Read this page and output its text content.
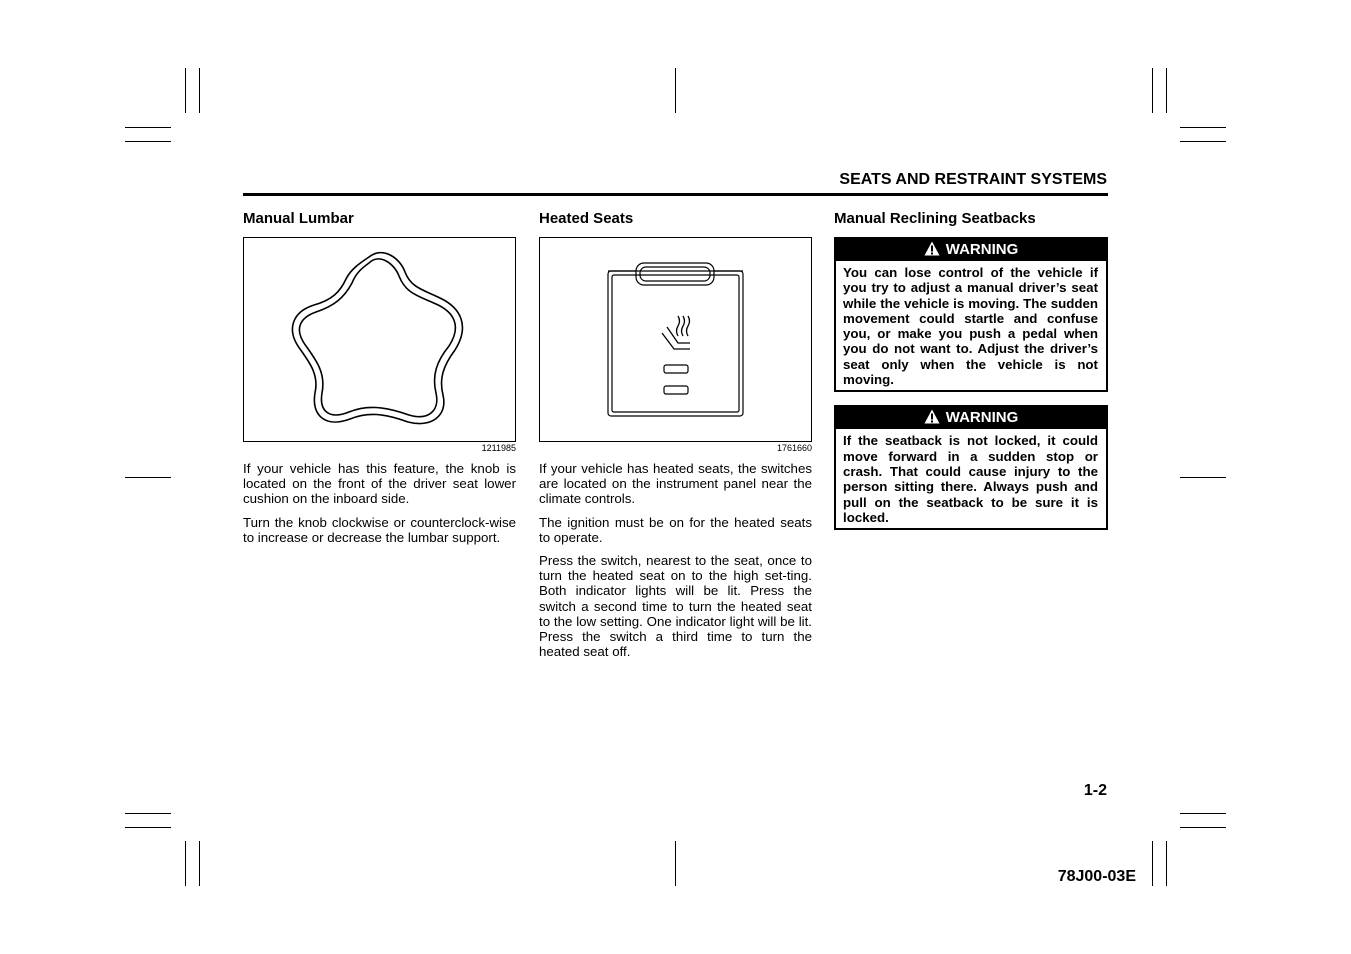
SEATS AND RESTRAINT SYSTEMS
Manual Lumbar
1211985

If your vehicle has this feature, the knob is located on the front of the driver seat lower cushion on the inboard side.

Turn the knob clockwise or counterclock-wise to increase or decrease the lumbar support.

Heated Seats
1761660

If your vehicle has heated seats, the switches are located on the instrument panel near the climate controls.

The ignition must be on for the heated seats to operate.

Press the switch, nearest to the seat, once to turn the heated seat on to the high set-ting. Both indicator lights will be lit. Press the switch a second time to turn the heated seat to the low setting. One indicator light will be lit. Press the switch a third time to turn the heated seat off.

Manual Reclining Seatbacks
WARNING
You can lose control of the vehicle if you try to adjust a manual driver’s seat while the vehicle is moving. The sudden movement could startle and confuse you, or make you push a pedal when you do not want to. Adjust the driver’s seat only when the vehicle is not moving.
WARNING
If the seatback is not locked, it could move forward in a sudden stop or crash. That could cause injury to the person sitting there. Always push and pull on the seatback to be sure it is locked.
1-2
78J00-03E
